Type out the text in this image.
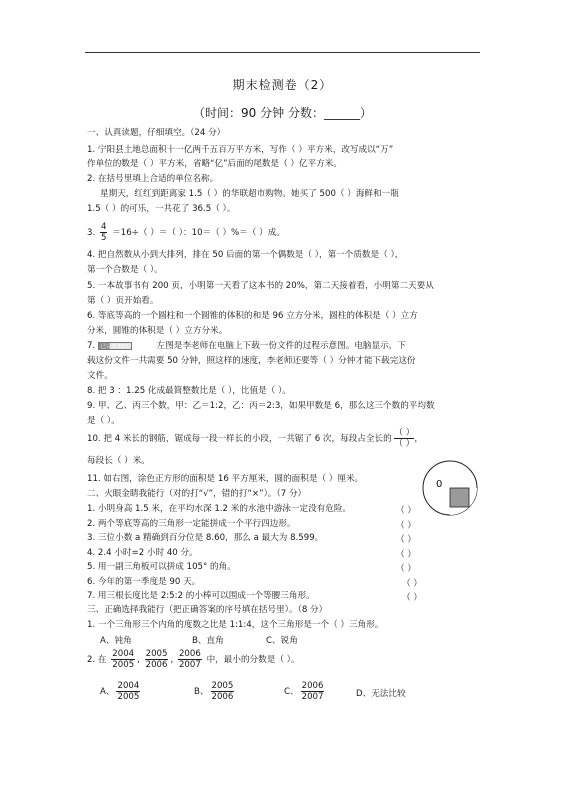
期末检测卷（2）
（时间：90 分钟 分数：______）
一、认真读题，仔细填空。（24 分）
1. 宁阳县土地总面积十一亿两千五百万平方米，写作（ ）平方米，改写成以“万”
作单位的数是（ ）平方米，省略“亿”后面的尾数是（ ）亿平方米。
2. 在括号里填上合适的单位名称。
星期天，红红到距离家 1.5（ ）的华联超市购物。她买了 500（ ）海鲜和一瓶
1.5（ ）的可乐，一共花了 36.5（ ）。
3. $\frac{4}{5} =16\div$（ ）＝（ ）：10＝（ ）%＝（ ）成。
4. 把自然数从小到大排列，排在 50 后面的第一个偶数是（ ），第一个质数是（ ），
第一个合数是（ ）。
5. 一本故事书有 200 页，小明第一天看了这本书的 20%，第二天接着看，小明第二天要从
第（ ）页开始看。
6. 等底等高的一个圆柱和一个圆锥的体积的和是 96 立方分米，圆柱的体积是（ ）立方
分米，圆锥的体积是（ ）立方分米。
7. 已完成36%	左图是李老师在电脑上下载一份文件的过程示意图。电脑显示，下
载这份文件一共需要 50 分钟，照这样的速度，李老师还要等（ ）分钟才能下载完这份
文件。
8. 把 3 ：1.25 化成最简整数比是（ ），比值是（ ）。
9. 甲、乙、丙三个数，甲：乙＝1:2，乙：丙＝2:3，如果甲数是 6，那么这三个数的平均数
是（ ）。
10. 把 4 米长的钢筋，锯成每一段一样长的小段，一共锯了 6 次，每段占全长的 $\frac{( )}{( )}$ ，
每段长（ ）米。
11. 如右图，涂色正方形的面积是 16 平方厘米，圆的面积是（ ）厘米。	0
二、火眼金睛我能行（对的打“√”，错的打“×”）。（7 分）
1. 小明身高 1.5 米，在平均水深 1.2 米的水池中游泳一定没有危险。	（ ）
2. 两个等底等高的三角形一定能拼成一个平行四边形。	（ ）
3. 三位小数 a 精确到百分位是 8.60，那么 a 最大为 8.599。	（ ）
4. 2.4 小时=2 小时 40 分。	（ ）
5. 用一副三角板可以拼成 105° 的角。	（ ）
6. 今年的第一季度是 90 天。	（ ）
7. 用三根长度比是 2:5:2 的小棒可以围成一个等腰三角形。	（ ）
三、正确选择我能行（把正确答案的序号填在括号里）。（8 分）
1. 一个三角形三个内角的度数之比是 1:1:4，这个三角形是一个（ ）三角形。
A、钝角	B、直角	C、锐角
2. 在 $\frac{2004}{2005}$ , $\frac{2005}{2006}$ , $\frac{2006}{2007}$ 中，最小的分数是（ ）。
A、 $\frac{2004}{2005}$	B、 $\frac{2005}{2006}$	C、 $\frac{2006}{2007}$	D、无法比较
